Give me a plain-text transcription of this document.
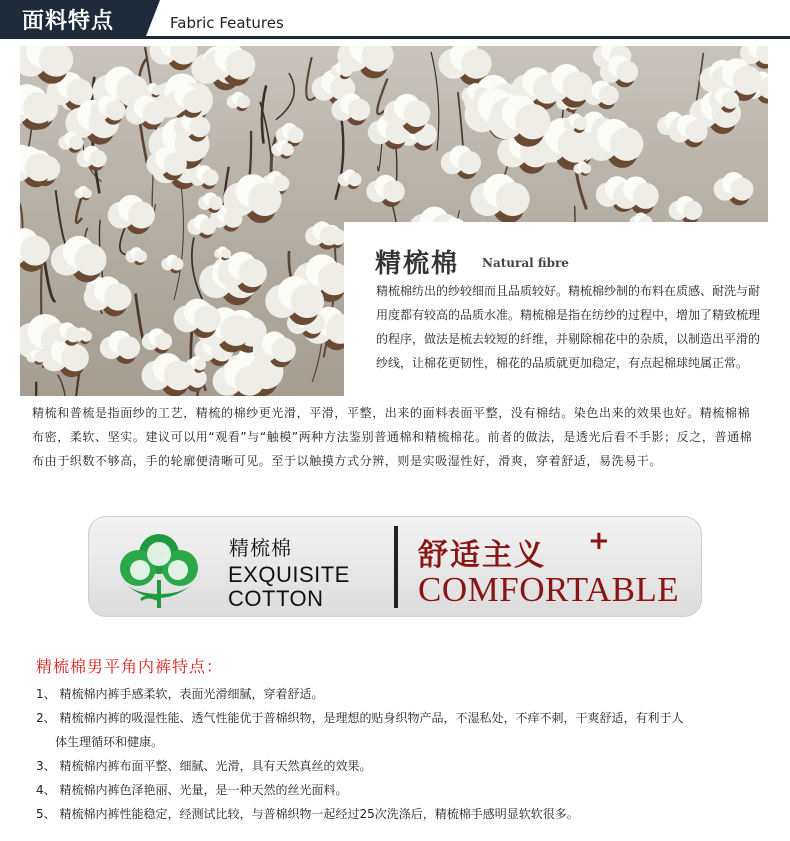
面料特点	Fabric Features
精梳棉 Natural fibre
精梳棉纺出的纱较细而且品质较好。精梳棉纱制的布料在质感、耐洗与耐用度都有较高的品质水准。精梳棉是指在纺纱的过程中，增加了精致梳理的程序，做法是梳去较短的纤维，并剔除棉花中的杂质，以制造出平滑的纱线，让棉花更韧性，棉花的品质就更加稳定，有点起棉球纯属正常。
精梳和普梳是指面纱的工艺，精梳的棉纱更光滑，平滑，平整，出来的面料表面平整，没有棉结。染色出来的效果也好。精梳棉棉布密，柔软、坚实。建议可以用“观看”与“触模”两种方法鉴别普通棉和精梳棉花。前者的做法，是透光后看不手影；反之，普通棉布由于织数不够高，手的轮廓便清晰可见。至于以触摸方式分辨，则是实吸湿性好，滑爽，穿着舒适，易洗易干。
精梳棉
EXQUISITE
COTTON
舒适主义 +
COMFORTABLE
精梳棉男平角内裤特点：
1、 精梳棉内裤手感柔软，表面光滑细腻，穿着舒适。
2、 精梳棉内裤的吸湿性能、透气性能优于普棉织物，是理想的贴身织物产品，不湿私处，不痒不刺，干爽舒适，有利于人
体生理循环和健康。
3、 精梳棉内裤布面平整、细腻、光滑，具有天然真丝的效果。
4、 精梳棉内裤色泽艳丽、光量，是一种天然的丝光面料。
5、 精梳棉内裤性能稳定，经测试比较，与普棉织物一起经过25次洗涤后，精梳棉手感明显软软很多。
